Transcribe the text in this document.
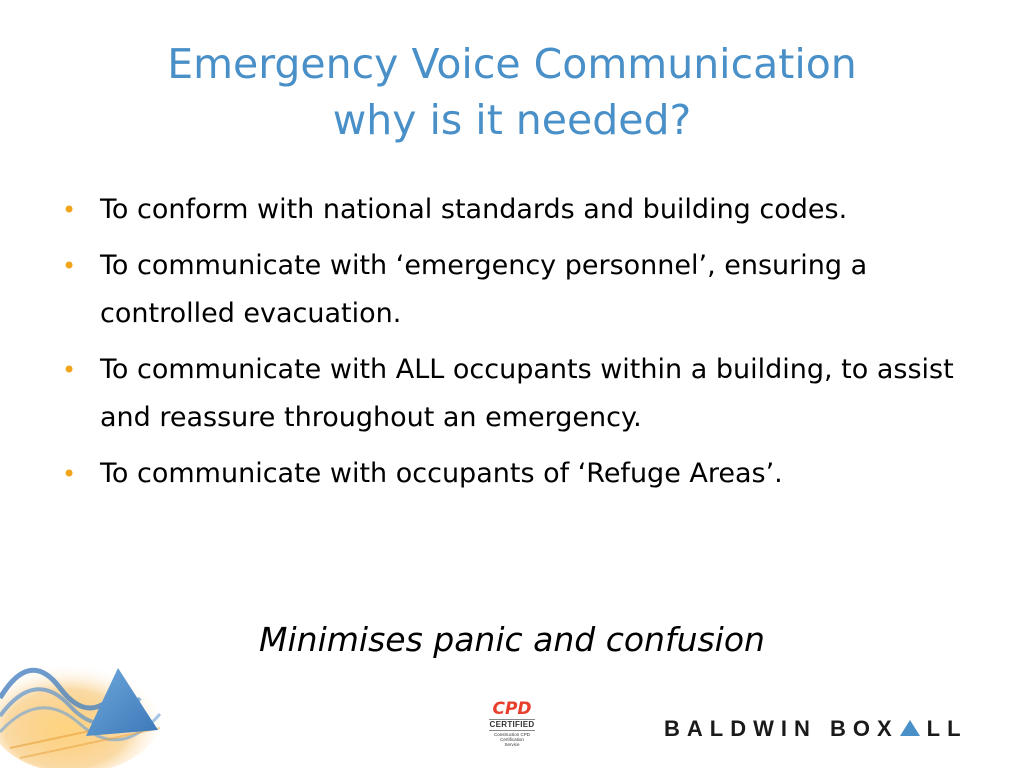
Emergency Voice Communication
why is it needed?
• To conform with national standards and building codes.
• To communicate with ‘emergency personnel’, ensuring a controlled evacuation.
• To communicate with ALL occupants within a building, to assist and reassure throughout an emergency.
• To communicate with occupants of ‘Refuge Areas’.
Minimises panic and confusion
CPD
CERTIFIED
Construction CPD
Certification
Service
BALDWIN BOX LL
